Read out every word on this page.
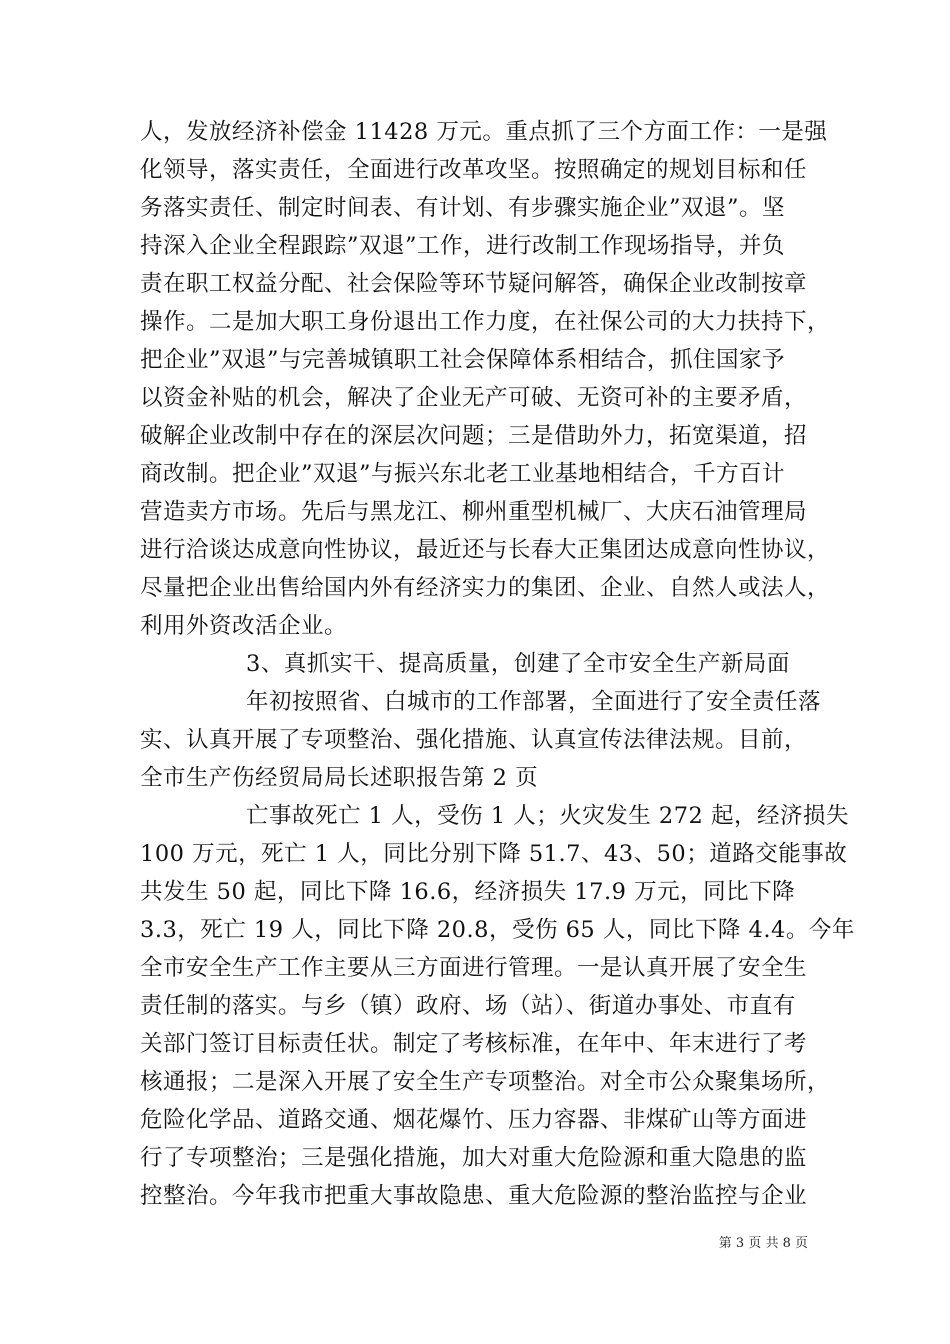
人，发放经济补偿金 11428 万元。重点抓了三个方面工作：一是强
化领导，落实责任，全面进行改革攻坚。按照确定的规划目标和任
务落实责任、制定时间表、有计划、有步骤实施企业”双退”。坚
持深入企业全程跟踪”双退”工作，进行改制工作现场指导，并负
责在职工权益分配、社会保险等环节疑问解答，确保企业改制按章
操作。二是加大职工身份退出工作力度，在社保公司的大力扶持下，
把企业”双退”与完善城镇职工社会保障体系相结合，抓住国家予
以资金补贴的机会，解决了企业无产可破、无资可补的主要矛盾，
破解企业改制中存在的深层次问题；三是借助外力，拓宽渠道，招
商改制。把企业”双退”与振兴东北老工业基地相结合，千方百计
营造卖方市场。先后与黑龙江、柳州重型机械厂、大庆石油管理局
进行洽谈达成意向性协议，最近还与长春大正集团达成意向性协议，
尽量把企业出售给国内外有经济实力的集团、企业、自然人或法人，
利用外资改活企业。
3、真抓实干、提高质量，创建了全市安全生产新局面
年初按照省、白城市的工作部署，全面进行了安全责任落
实、认真开展了专项整治、强化措施、认真宣传法律法规。目前，
全市生产伤经贸局局长述职报告第 2 页
亡事故死亡 1 人，受伤 1 人；火灾发生 272 起，经济损失
100 万元，死亡 1 人，同比分别下降 51.7、43、50；道路交能事故
共发生 50 起，同比下降 16.6，经济损失 17.9 万元，同比下降
3.3，死亡 19 人，同比下降 20.8，受伤 65 人，同比下降 4.4。今年
全市安全生产工作主要从三方面进行管理。一是认真开展了安全生
责任制的落实。与乡（镇）政府、场（站）、街道办事处、市直有
关部门签订目标责任状。制定了考核标准，在年中、年末进行了考
核通报；二是深入开展了安全生产专项整治。对全市公众聚集场所，
危险化学品、道路交通、烟花爆竹、压力容器、非煤矿山等方面进
行了专项整治；三是强化措施，加大对重大危险源和重大隐患的监
控整治。今年我市把重大事故隐患、重大危险源的整治监控与企业
第 3 页 共 8 页
